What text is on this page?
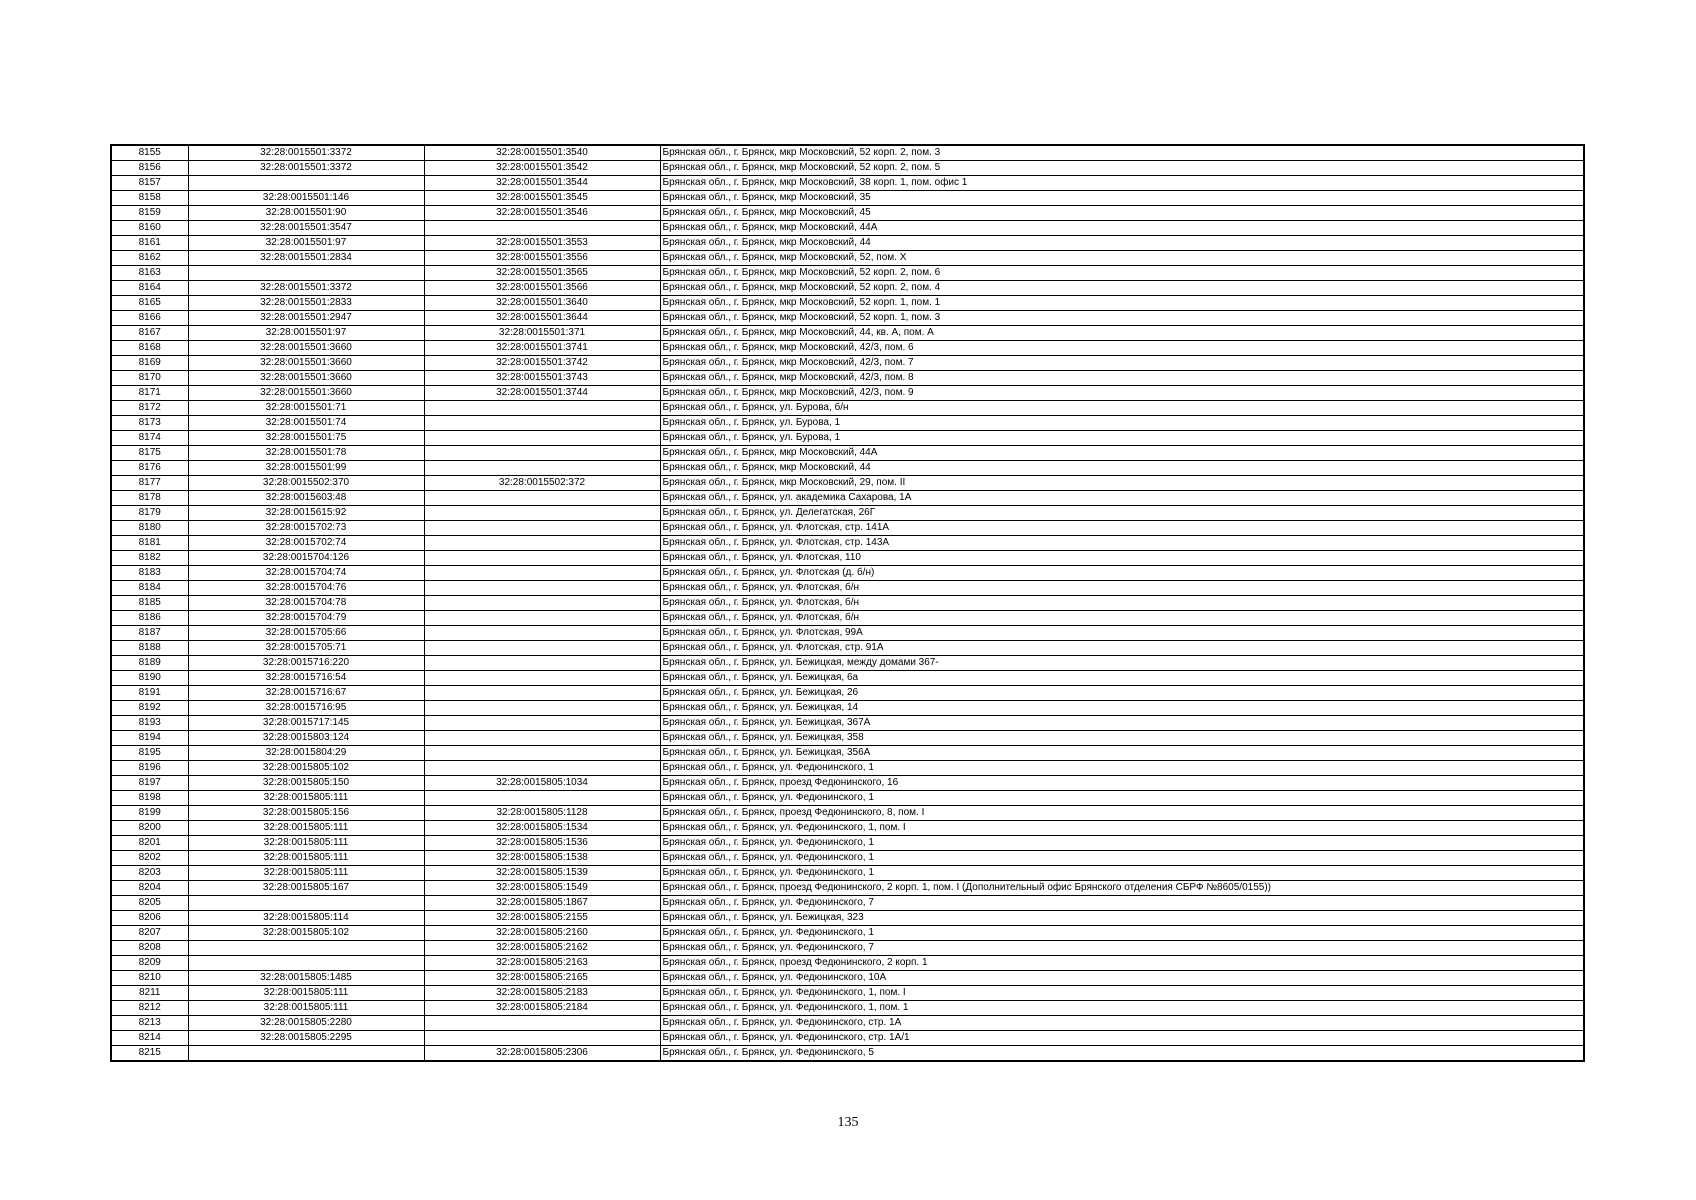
8155	32:28:0015501:3372	32:28:0015501:3540	Брянская обл., г. Брянск, мкр Московский, 52 корп. 2, пом. 3
8156	32:28:0015501:3372	32:28:0015501:3542	Брянская обл., г. Брянск, мкр Московский, 52 корп. 2, пом. 5
8157		32:28:0015501:3544	Брянская обл., г. Брянск, мкр Московский, 38 корп. 1, пом. офис 1
8158	32:28:0015501:146	32:28:0015501:3545	Брянская обл., г. Брянск, мкр Московский, 35
8159	32:28:0015501:90	32:28:0015501:3546	Брянская обл., г. Брянск, мкр Московский, 45
8160	32:28:0015501:3547		Брянская обл., г. Брянск, мкр Московский, 44А
8161	32:28:0015501:97	32:28:0015501:3553	Брянская обл., г. Брянск, мкр Московский, 44
8162	32:28:0015501:2834	32:28:0015501:3556	Брянская обл., г. Брянск, мкр Московский, 52, пом. X
8163		32:28:0015501:3565	Брянская обл., г. Брянск, мкр Московский, 52 корп. 2, пом. 6
8164	32:28:0015501:3372	32:28:0015501:3566	Брянская обл., г. Брянск, мкр Московский, 52 корп. 2, пом. 4
8165	32:28:0015501:2833	32:28:0015501:3640	Брянская обл., г. Брянск, мкр Московский, 52 корп. 1, пом. 1
8166	32:28:0015501:2947	32:28:0015501:3644	Брянская обл., г. Брянск, мкр Московский, 52 корп. 1, пом. 3
8167	32:28:0015501:97	32:28:0015501:371	Брянская обл., г. Брянск, мкр Московский, 44, кв. А, пом. А
8168	32:28:0015501:3660	32:28:0015501:3741	Брянская обл., г. Брянск, мкр Московский, 42/3, пом. 6
8169	32:28:0015501:3660	32:28:0015501:3742	Брянская обл., г. Брянск, мкр Московский, 42/3, пом. 7
8170	32:28:0015501:3660	32:28:0015501:3743	Брянская обл., г. Брянск, мкр Московский, 42/3, пом. 8
8171	32:28:0015501:3660	32:28:0015501:3744	Брянская обл., г. Брянск, мкр Московский, 42/3, пом. 9
8172	32:28:0015501:71		Брянская обл., г. Брянск, ул. Бурова, б/н
8173	32:28:0015501:74		Брянская обл., г. Брянск, ул. Бурова, 1
8174	32:28:0015501:75		Брянская обл., г. Брянск, ул. Бурова, 1
8175	32:28:0015501:78		Брянская обл., г. Брянск, мкр Московский, 44А
8176	32:28:0015501:99		Брянская обл., г. Брянск, мкр Московский, 44
8177	32:28:0015502:370	32:28:0015502:372	Брянская обл., г. Брянск, мкр Московский, 29, пом. II
8178	32:28:0015603:48		Брянская обл., г. Брянск, ул. академика Сахарова, 1А
8179	32:28:0015615:92		Брянская обл., г. Брянск, ул. Делегатская, 26Г
8180	32:28:0015702:73		Брянская обл., г. Брянск, ул. Флотская, стр. 141А
8181	32:28:0015702:74		Брянская обл., г. Брянск, ул. Флотская, стр. 143А
8182	32:28:0015704:126		Брянская обл., г. Брянск, ул. Флотская, 110
8183	32:28:0015704:74		Брянская обл., г. Брянск, ул. Флотская (д. б/н)
8184	32:28:0015704:76		Брянская обл., г. Брянск, ул. Флотская, б/н
8185	32:28:0015704:78		Брянская обл., г. Брянск, ул. Флотская, б/н
8186	32:28:0015704:79		Брянская обл., г. Брянск, ул. Флотская, б/н
8187	32:28:0015705:66		Брянская обл., г. Брянск, ул. Флотская, 99А
8188	32:28:0015705:71		Брянская обл., г. Брянск, ул. Флотская, стр. 91А
8189	32:28:0015716:220		Брянская обл., г. Брянск, ул. Бежицкая, между домами 367-
8190	32:28:0015716:54		Брянская обл., г. Брянск, ул. Бежицкая, 6а
8191	32:28:0015716:67		Брянская обл., г. Брянск, ул. Бежицкая, 26
8192	32:28:0015716:95		Брянская обл., г. Брянск, ул. Бежицкая, 14
8193	32:28:0015717:145		Брянская обл., г. Брянск, ул. Бежицкая, 367А
8194	32:28:0015803:124		Брянская обл., г. Брянск, ул. Бежицкая, 358
8195	32:28:0015804:29		Брянская обл., г. Брянск, ул. Бежицкая, 356А
8196	32:28:0015805:102		Брянская обл., г. Брянск, ул. Федюнинского, 1
8197	32:28:0015805:150	32:28:0015805:1034	Брянская обл., г. Брянск, проезд Федюнинского, 16
8198	32:28:0015805:111		Брянская обл., г. Брянск, ул. Федюнинского, 1
8199	32:28:0015805:156	32:28:0015805:1128	Брянская обл., г. Брянск, проезд Федюнинского, 8, пом. I
8200	32:28:0015805:111	32:28:0015805:1534	Брянская обл., г. Брянск, ул. Федюнинского, 1, пом. I
8201	32:28:0015805:111	32:28:0015805:1536	Брянская обл., г. Брянск, ул. Федюнинского, 1
8202	32:28:0015805:111	32:28:0015805:1538	Брянская обл., г. Брянск, ул. Федюнинского, 1
8203	32:28:0015805:111	32:28:0015805:1539	Брянская обл., г. Брянск, ул. Федюнинского, 1
8204	32:28:0015805:167	32:28:0015805:1549	Брянская обл., г. Брянск, проезд Федюнинского, 2 корп. 1, пом. I (Дополнительный офис Брянского отделения СБРФ №8605/0155))
8205		32:28:0015805:1867	Брянская обл., г. Брянск, ул. Федюнинского, 7
8206	32:28:0015805:114	32:28:0015805:2155	Брянская обл., г. Брянск, ул. Бежицкая, 323
8207	32:28:0015805:102	32:28:0015805:2160	Брянская обл., г. Брянск, ул. Федюнинского, 1
8208		32:28:0015805:2162	Брянская обл., г. Брянск, ул. Федюнинского, 7
8209		32:28:0015805:2163	Брянская обл., г. Брянск, проезд Федюнинского, 2 корп. 1
8210	32:28:0015805:1485	32:28:0015805:2165	Брянская обл., г. Брянск, ул. Федюнинского, 10А
8211	32:28:0015805:111	32:28:0015805:2183	Брянская обл., г. Брянск, ул. Федюнинского, 1, пом. I
8212	32:28:0015805:111	32:28:0015805:2184	Брянская обл., г. Брянск, ул. Федюнинского, 1, пом. 1
8213	32:28:0015805:2280		Брянская обл., г. Брянск, ул. Федюнинского, стр. 1А
8214	32:28:0015805:2295		Брянская обл., г. Брянск, ул. Федюнинского, стр. 1А/1
8215		32:28:0015805:2306	Брянская обл., г. Брянск, ул. Федюнинского, 5
135
